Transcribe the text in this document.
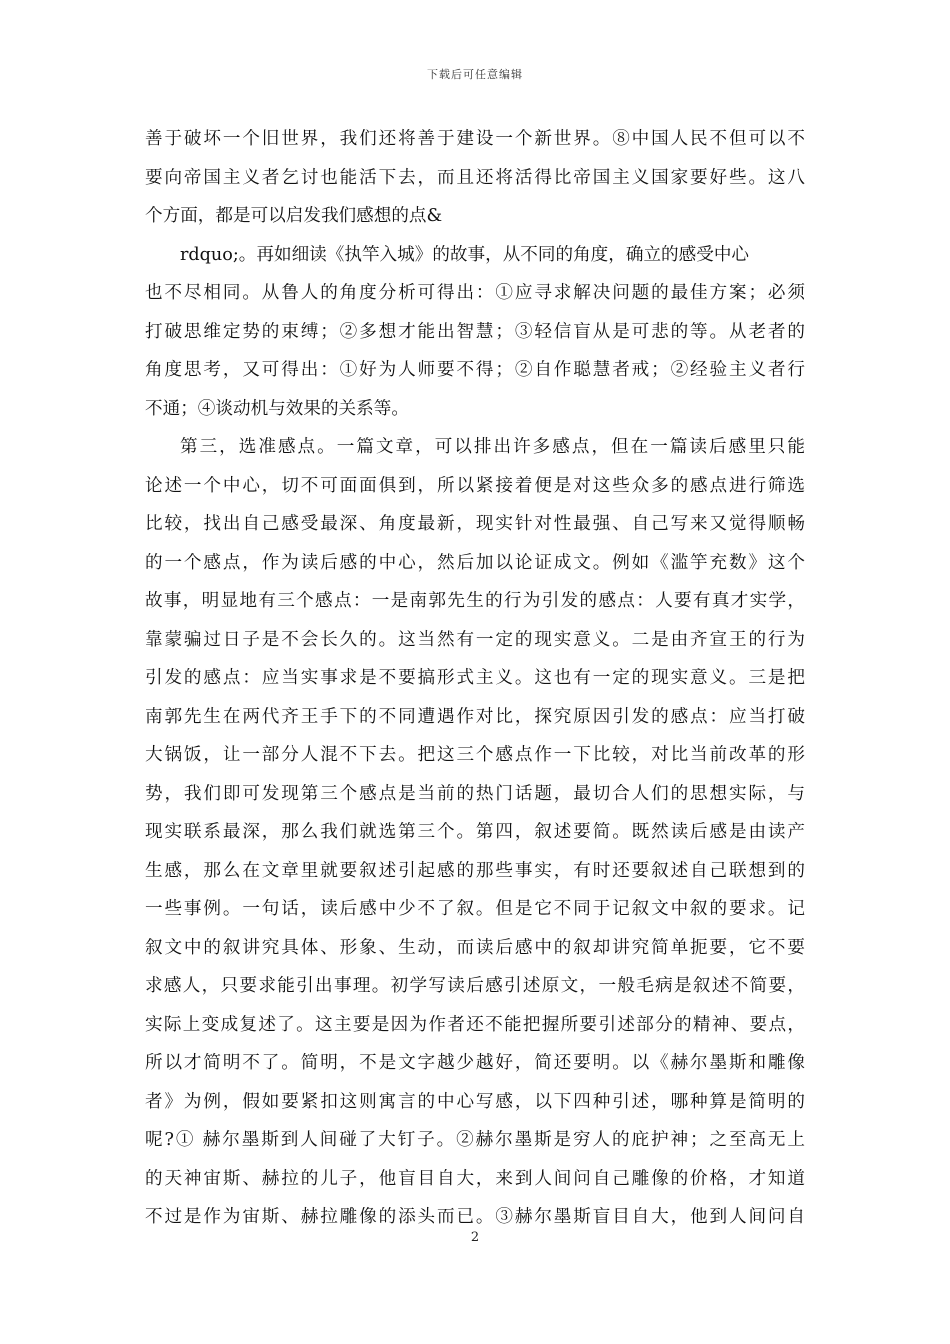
下载后可任意编辑
善于破坏一个旧世界，我们还将善于建设一个新世界。⑧中国人民不但可以不
要向帝国主义者乞讨也能活下去，而且还将活得比帝国主义国家要好些。这八
个方面，都是可以启发我们感想的点&
rdquo;。再如细读《执竿入城》的故事，从不同的角度，确立的感受中心
也不尽相同。从鲁人的角度分析可得出：①应寻求解决问题的最佳方案；必须
打破思维定势的束缚；②多想才能出智慧；③轻信盲从是可悲的等。从老者的
角度思考，又可得出：①好为人师要不得；②自作聪慧者戒；②经验主义者行
不通；④谈动机与效果的关系等。
第三，选准感点。一篇文章，可以排出许多感点，但在一篇读后感里只能
论述一个中心，切不可面面俱到，所以紧接着便是对这些众多的感点进行筛选
比较，找出自己感受最深、角度最新，现实针对性最强、自己写来又觉得顺畅
的一个感点，作为读后感的中心，然后加以论证成文。例如《滥竽充数》这个
故事，明显地有三个感点：一是南郭先生的行为引发的感点：人要有真才实学，
靠蒙骗过日子是不会长久的。这当然有一定的现实意义。二是由齐宣王的行为
引发的感点：应当实事求是不要搞形式主义。这也有一定的现实意义。三是把
南郭先生在两代齐王手下的不同遭遇作对比，探究原因引发的感点：应当打破
大锅饭，让一部分人混不下去。把这三个感点作一下比较，对比当前改革的形
势，我们即可发现第三个感点是当前的热门话题，最切合人们的思想实际，与
现实联系最深，那么我们就选第三个。第四，叙述要简。既然读后感是由读产
生感，那么在文章里就要叙述引起感的那些事实，有时还要叙述自己联想到的
一些事例。一句话，读后感中少不了叙。但是它不同于记叙文中叙的要求。记
叙文中的叙讲究具体、形象、生动，而读后感中的叙却讲究简单扼要，它不要
求感人，只要求能引出事理。初学写读后感引述原文，一般毛病是叙述不简要，
实际上变成复述了。这主要是因为作者还不能把握所要引述部分的精神、要点，
所以才简明不了。简明，不是文字越少越好，简还要明。以《赫尔墨斯和雕像
者》为例，假如要紧扣这则寓言的中心写感，以下四种引述，哪种算是简明的
呢?① 赫尔墨斯到人间碰了大钉子。②赫尔墨斯是穷人的庇护神；之至高无上
的天神宙斯、赫拉的儿子，他盲目自大，来到人间问自己雕像的价格，才知道
不过是作为宙斯、赫拉雕像的添头而已。③赫尔墨斯盲目自大，他到人间问自
2
